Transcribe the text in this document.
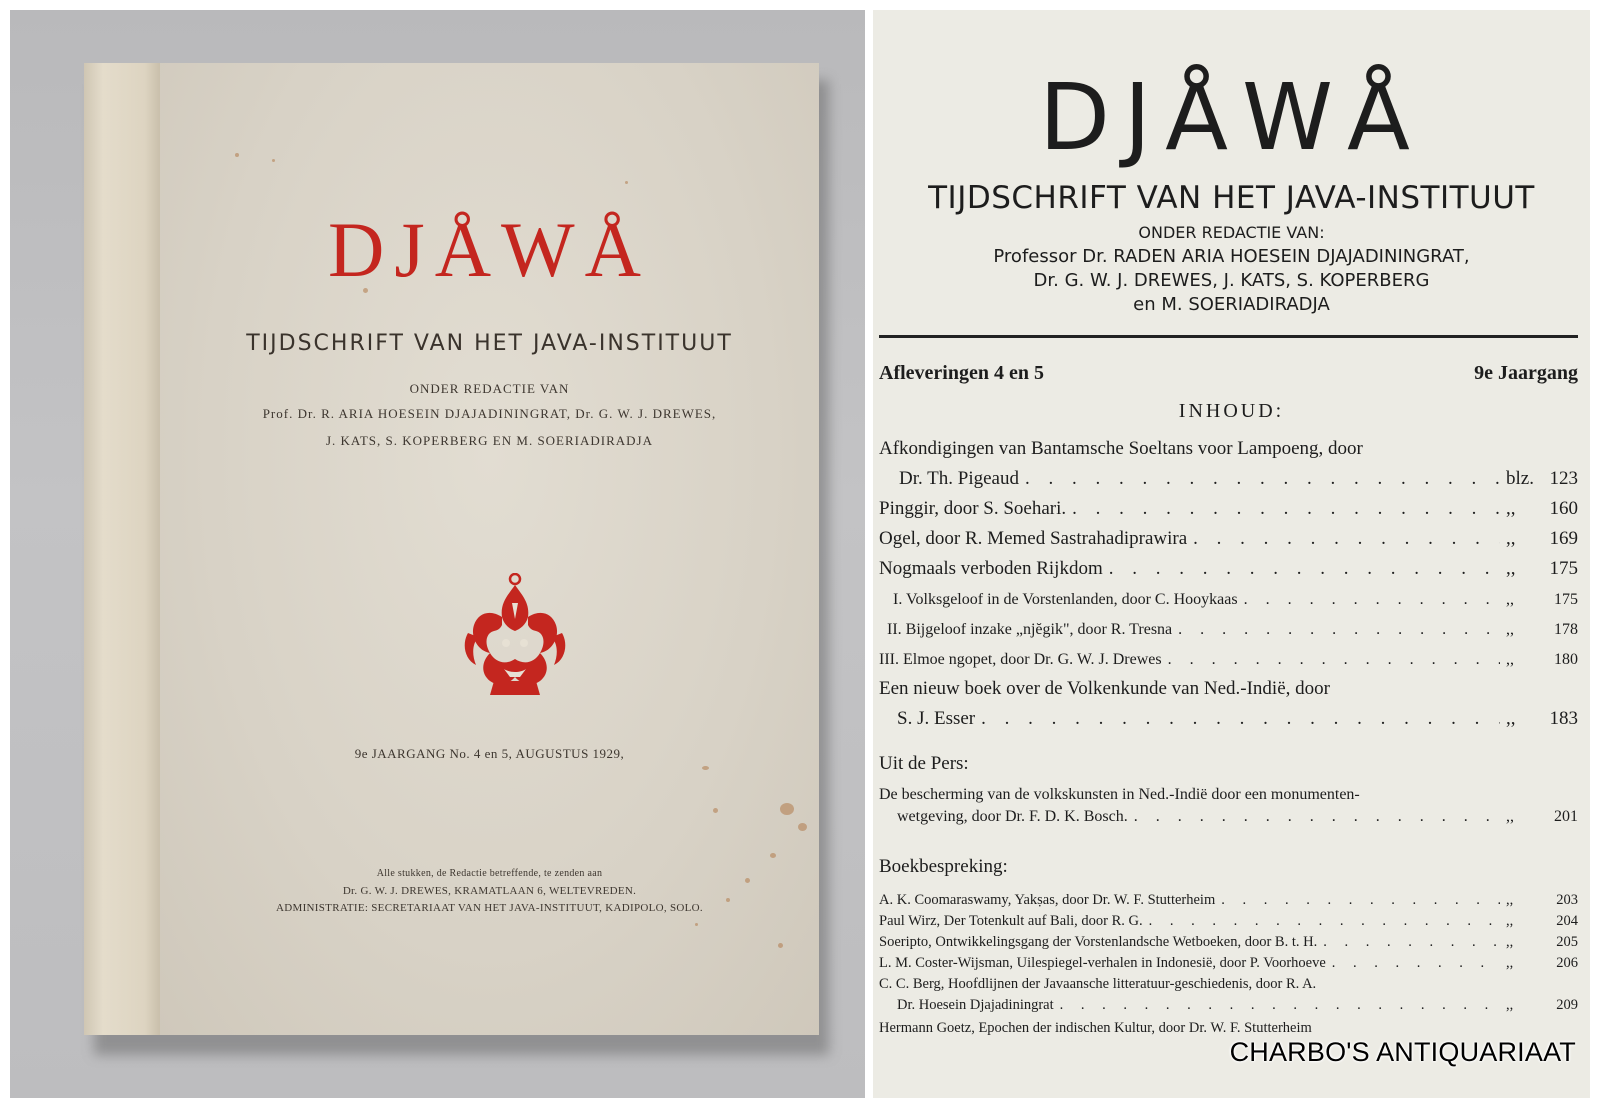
DJÅWÅ
TIJDSCHRIFT VAN HET JAVA-INSTITUUT
ONDER REDACTIE VAN
Prof. Dr. R. ARIA HOESEIN DJAJADININGRAT, Dr. G. W. J. DREWES,
J. KATS, S. KOPERBERG EN M. SOERIADIRADJA
9e JAARGANG No. 4 en 5, AUGUSTUS 1929,
Alle stukken, de Redactie betreffende, te zenden aan
Dr. G. W. J. DREWES, KRAMATLAAN 6, WELTEVREDEN.
ADMINISTRATIE: SECRETARIAAT VAN HET JAVA-INSTITUUT, KADIPOLO, SOLO.
DJÅWÅ
TIJDSCHRIFT VAN HET JAVA-INSTITUUT
ONDER REDACTIE VAN:
Professor Dr. RADEN ARIA HOESEIN DJAJADININGRAT,
Dr. G. W. J. DREWES, J. KATS, S. KOPERBERG
en M. SOERIADIRADJA
Afleveringen 4 en 5	9e Jaargang
INHOUD:
Afkondigingen van Bantamsche Soeltans voor Lampoeng, door
Dr. Th. Pigeaud . . .	blz. 123
Pinggir, door S. Soehari. . . .	,,	160
Ogel, door R. Memed Sastrahadiprawira . . .	,,	169
Nogmaals verboden Rijkdom . . .	,,	175
I. Volksgeloof in de Vorstenlanden, door C. Hooykaas . . .	,,	175
II. Bijgeloof inzake „njĕgik", door R. Tresna . . .	,,	178
III. Elmoe ngopet, door Dr. G. W. J. Drewes . . .	,,	180
Een nieuw boek over de Volkenkunde van Ned.-Indië, door
S. J. Esser . . .	,,	183
Uit de Pers:
De bescherming van de volkskunsten in Ned.-Indië door een monumenten-
wetgeving, door Dr. F. D. K. Bosch. . . .	,,	201
Boekbespreking:
A. K. Coomaraswamy, Yakṣas, door Dr. W. F. Stutterheim . . .	,,	203
Paul Wirz, Der Totenkult auf Bali, door R. G. . . .	,,	204
Soeripto, Ontwikkelingsgang der Vorstenlandsche Wetboeken, door B. t. H. . . .	,,	205
L. M. Coster-Wijsman, Uilespiegel-verhalen in Indonesië, door P. Voorhoeve . . .	,,	206
C. C. Berg, Hoofdlijnen der Javaansche litteratuur-geschiedenis, door R. A.
Dr. Hoesein Djajadiningrat . . .	,,	209
Hermann Goetz, Epochen der indischen Kultur, door Dr. W. F. Stutterheim
CHARBO'S ANTIQUARIAAT
